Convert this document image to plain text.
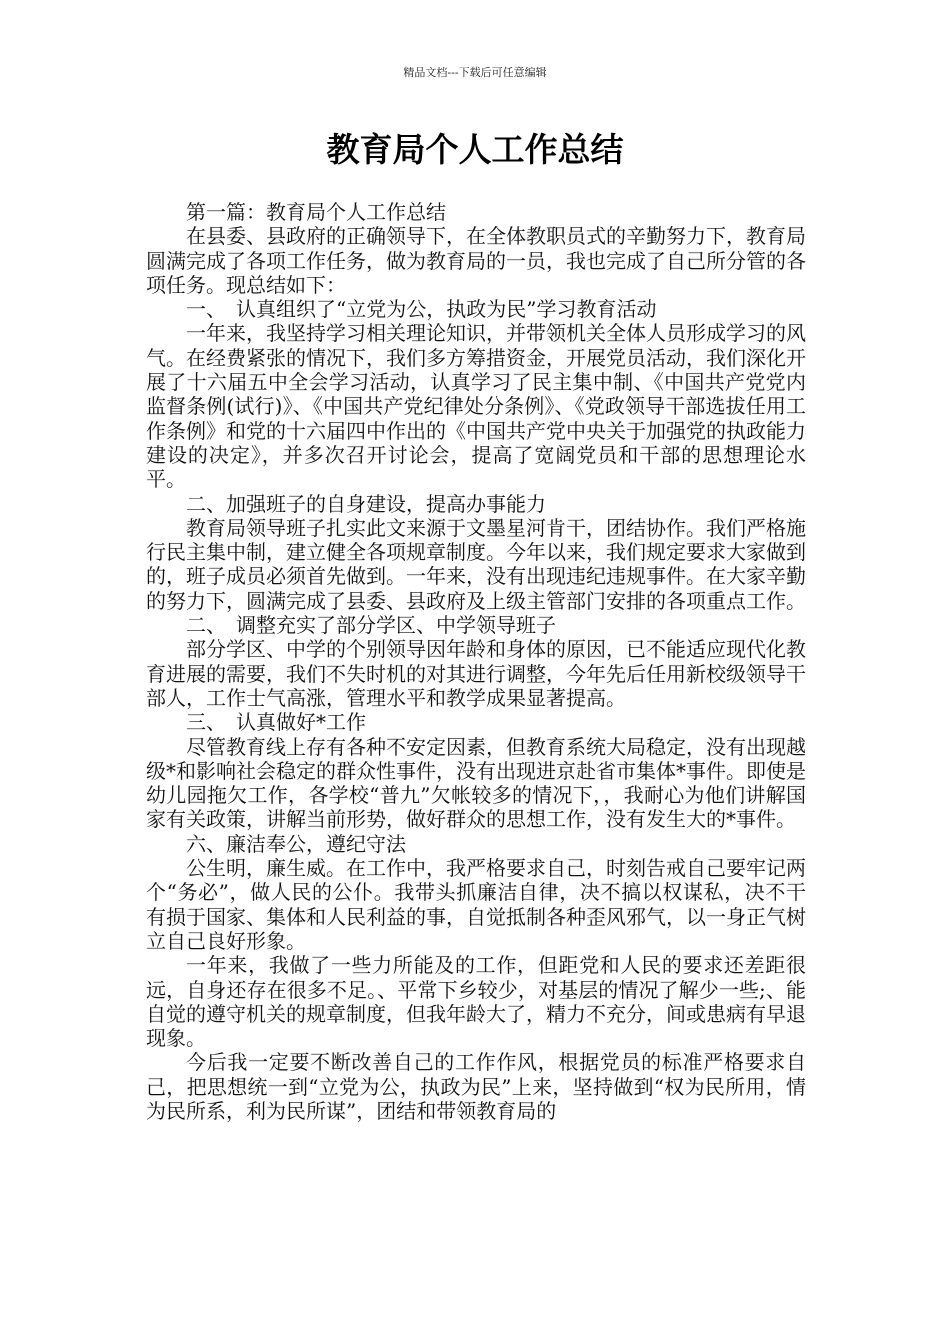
精品文档---下载后可任意编辑
教育局个人工作总结

第一篇：教育局个人工作总结

在县委、县政府的正确领导下，在全体教职员式的辛勤努力下，教育局圆满完成了各项工作任务，做为教育局的一员，我也完成了自己所分管的各项任务。现总结如下：

一、　认真组织了“立党为公，执政为民”学习教育活动

一年来，我坚持学习相关理论知识，并带领机关全体人员形成学习的风气。在经费紧张的情况下，我们多方筹措资金，开展党员活动，我们深化开展了十六届五中全会学习活动，认真学习了民主集中制、《中国共产党党内监督条例(试行)》、《中国共产党纪律处分条例》、《党政领导干部选拔任用工作条例》和党的十六届四中作出的《中国共产党中央关于加强党的执政能力建设的决定》，并多次召开讨论会，提高了宽阔党员和干部的思想理论水平。

二、加强班子的自身建设，提高办事能力

教育局领导班子扎实此文来源于文墨星河肯干，团结协作。我们严格施行民主集中制，建立健全各项规章制度。今年以来，我们规定要求大家做到的，班子成员必须首先做到。一年来，没有出现违纪违规事件。在大家辛勤的努力下，圆满完成了县委、县政府及上级主管部门安排的各项重点工作。

二、　调整充实了部分学区、中学领导班子

部分学区、中学的个别领导因年龄和身体的原因，已不能适应现代化教育进展的需要，我们不失时机的对其进行调整，今年先后任用新校级领导干部人，工作士气高涨，管理水平和教学成果显著提高。

三、　认真做好*工作

尽管教育线上存有各种不安定因素，但教育系统大局稳定，没有出现越级*和影响社会稳定的群众性事件，没有出现进京赴省市集体*事件。即使是幼儿园拖欠工作，各学校“普九”欠帐较多的情况下，，我耐心为他们讲解国家有关政策，讲解当前形势，做好群众的思想工作，没有发生大的*事件。

六、廉洁奉公，遵纪守法

公生明，廉生威。在工作中，我严格要求自己，时刻告戒自己要牢记两个“务必”，做人民的公仆。我带头抓廉洁自律，决不搞以权谋私，决不干有损于国家、集体和人民利益的事，自觉抵制各种歪风邪气，以一身正气树立自己良好形象。

一年来，我做了一些力所能及的工作，但距党和人民的要求还差距很远，自身还存在很多不足。、平常下乡较少，对基层的情况了解少一些;、能自觉的遵守机关的规章制度，但我年龄大了，精力不充分，间或患病有早退现象。

今后我一定要不断改善自己的工作作风，根据党员的标准严格要求自己，把思想统一到“立党为公，执政为民”上来，坚持做到“权为民所用，情为民所系，利为民所谋”，团结和带领教育局的
